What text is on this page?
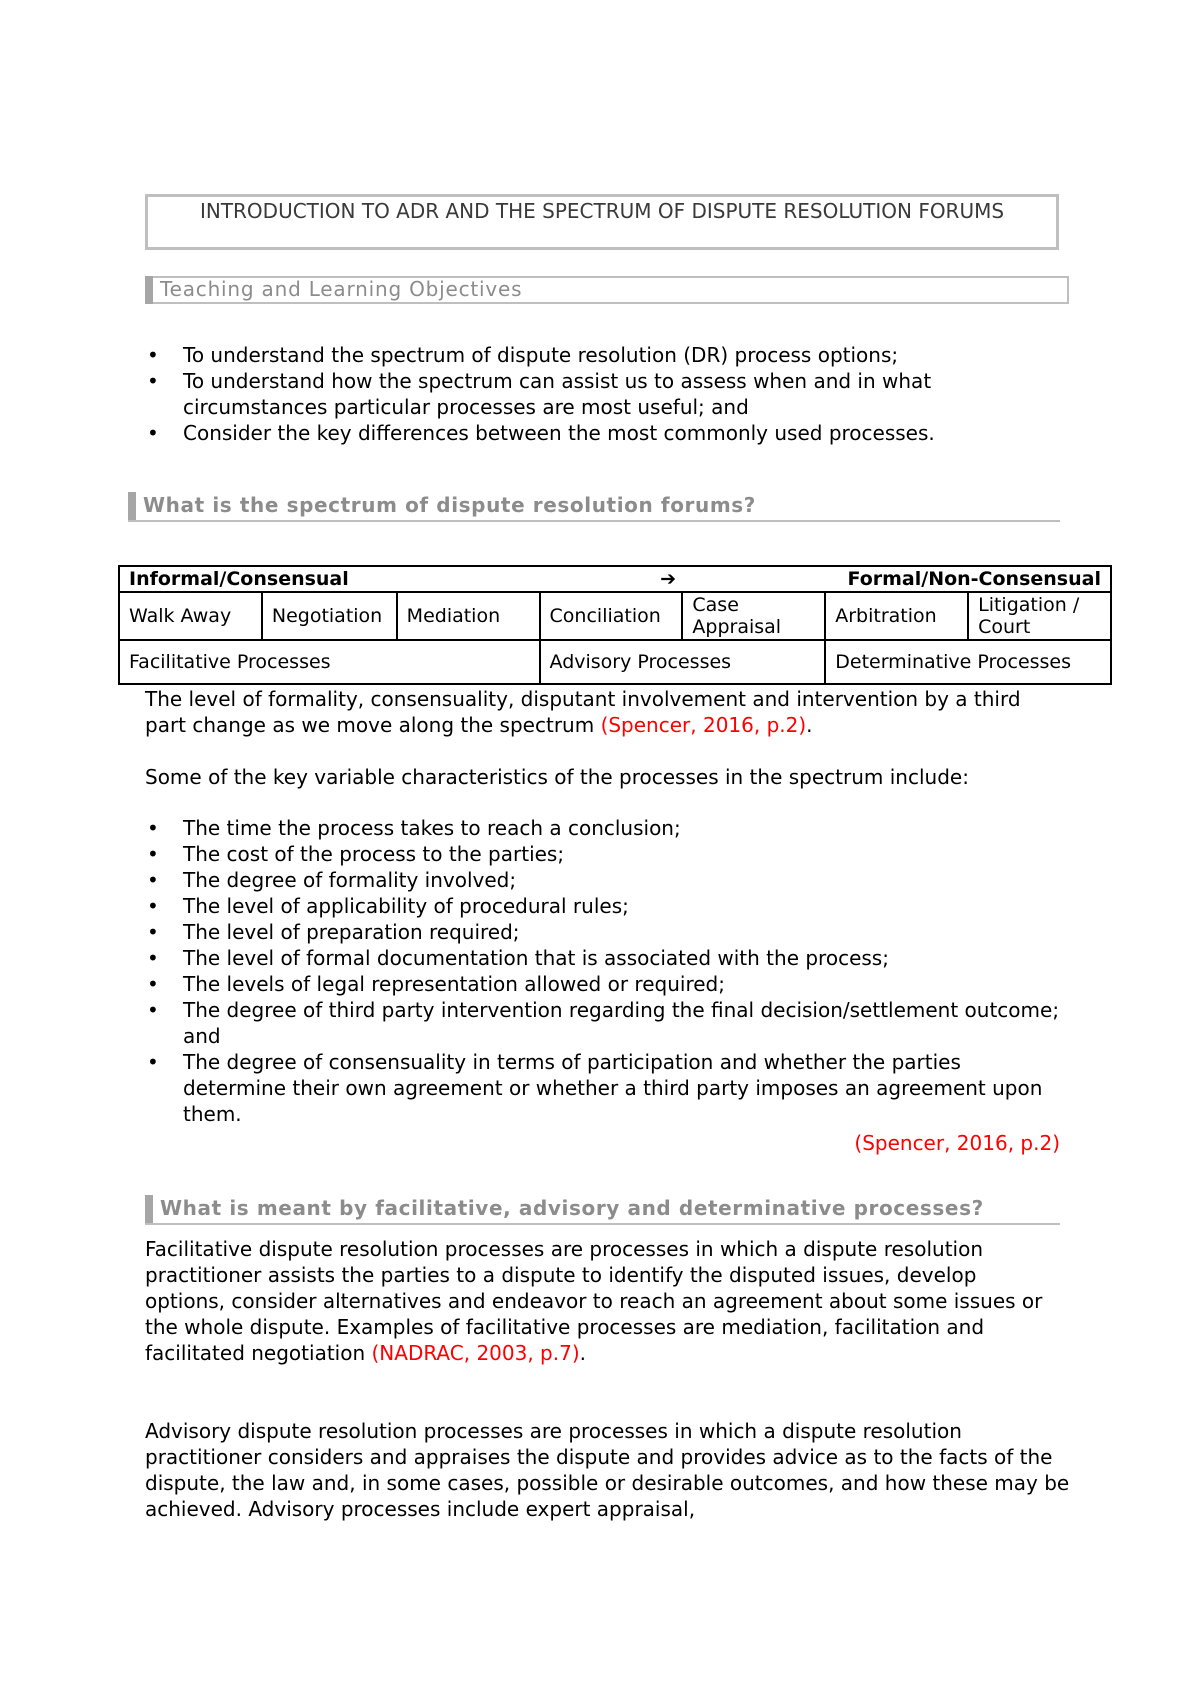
INTRODUCTION TO ADR AND THE SPECTRUM OF DISPUTE RESOLUTION FORUMS
Teaching and Learning Objectives
• To understand the spectrum of dispute resolution (DR) process options;
• To understand how the spectrum can assist us to assess when and in what circumstances particular processes are most useful; and
• Consider the key differences between the most commonly used processes.
What is the spectrum of dispute resolution forums?
Informal/Consensual ➔ Formal/Non-Consensual						

Walk Away	Negotiation	Mediation	Conciliation	Case Appraisal	Arbitration	Litigation / Court
Facilitative Processes			Advisory Processes		Determinative Processes	

The level of formality, consensuality, disputant involvement and intervention by a third part change as we move along the spectrum (Spencer, 2016, p.2).

Some of the key variable characteristics of the processes in the spectrum include:

• The time the process takes to reach a conclusion;
• The cost of the process to the parties;
• The degree of formality involved;
• The level of applicability of procedural rules;
• The level of preparation required;
• The level of formal documentation that is associated with the process;
• The levels of legal representation allowed or required;
• The degree of third party intervention regarding the final decision/settlement outcome; and
• The degree of consensuality in terms of participation and whether the parties determine their own agreement or whether a third party imposes an agreement upon them.
(Spencer, 2016, p.2)
What is meant by facilitative, advisory and determinative processes?

Facilitative dispute resolution processes are processes in which a dispute resolution practitioner assists the parties to a dispute to identify the disputed issues, develop options, consider alternatives and endeavor to reach an agreement about some issues or the whole dispute. Examples of facilitative processes are mediation, facilitation and facilitated negotiation (NADRAC, 2003, p.7).

Advisory dispute resolution processes are processes in which a dispute resolution practitioner considers and appraises the dispute and provides advice as to the facts of the dispute, the law and, in some cases, possible or desirable outcomes, and how these may be achieved. Advisory processes include expert appraisal,
